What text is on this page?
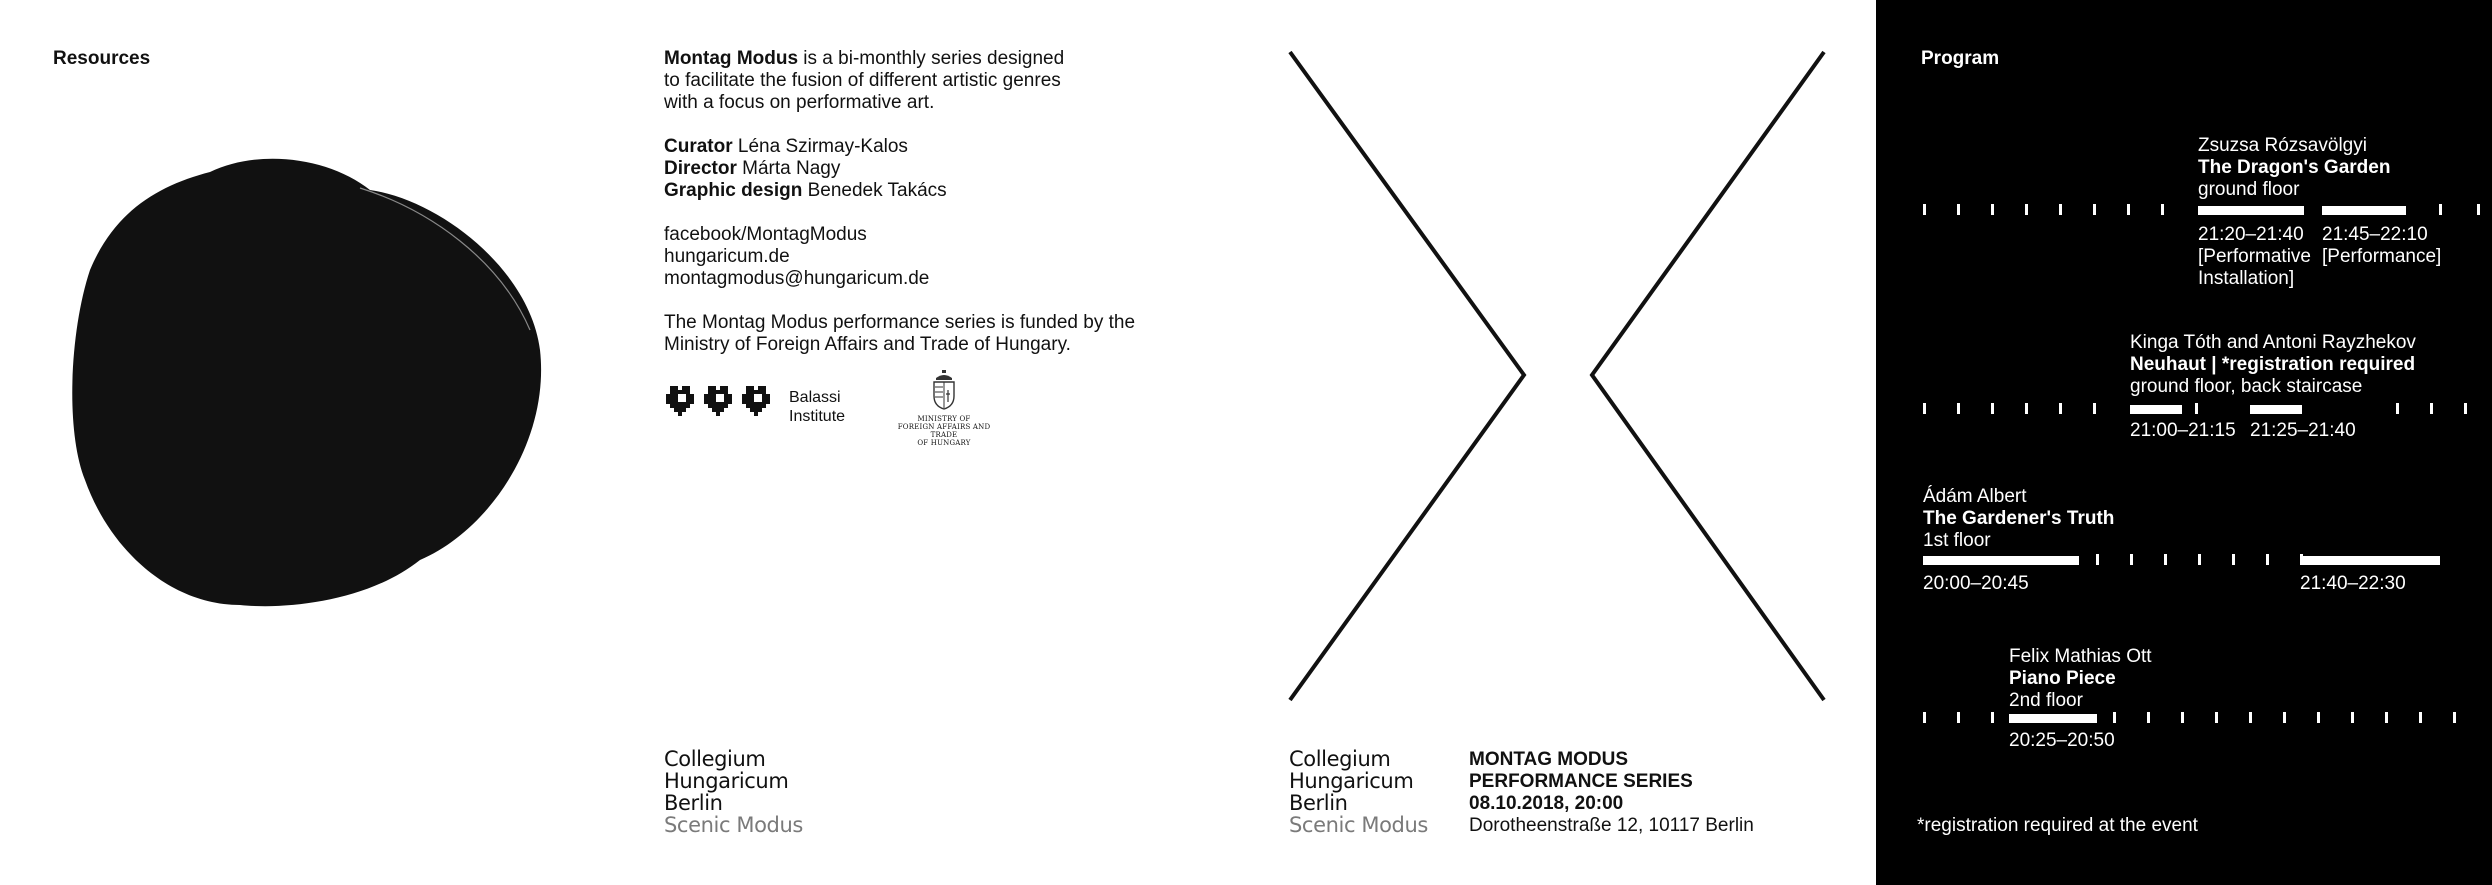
Resources	Montag Modus is a bi-monthly series designed
to facilitate the fusion of different artistic genres
with a focus on performative art.

Curator Léna Szirmay-Kalos
Director Márta Nagy
Graphic design Benedek Takács

facebook/MontagModus
hungaricum.de
montagmodus@hungaricum.de

The Montag Modus performance series is funded by the
Ministry of Foreign Affairs and Trade of Hungary.

Balassi
Institute	MINISTRY OF
FOREIGN AFFAIRS AND TRADE
OF HUNGARY
Collegium
Hungaricum
Berlin
Scenic Modus
Collegium
Hungaricum
Berlin
Scenic Modus
MONTAG MODUS
PERFORMANCE SERIES
08.10.2018, 20:00
Dorotheenstraße 12, 10117 Berlin
Program
Zsuzsa Rózsavölgyi
The Dragon's Garden
ground floor
21:20–21:40
[Performative
Installation]
21:45–22:10
[Performance]
Kinga Tóth and Antoni Rayzhekov
Neuhaut | *registration required
ground floor, back staircase
21:00–21:15 21:25–21:40
Ádám Albert
The Gardener's Truth
1st floor
20:00–20:45	21:40–22:30
Felix Mathias Ott
Piano Piece
2nd floor
20:25–20:50
*registration required at the event
